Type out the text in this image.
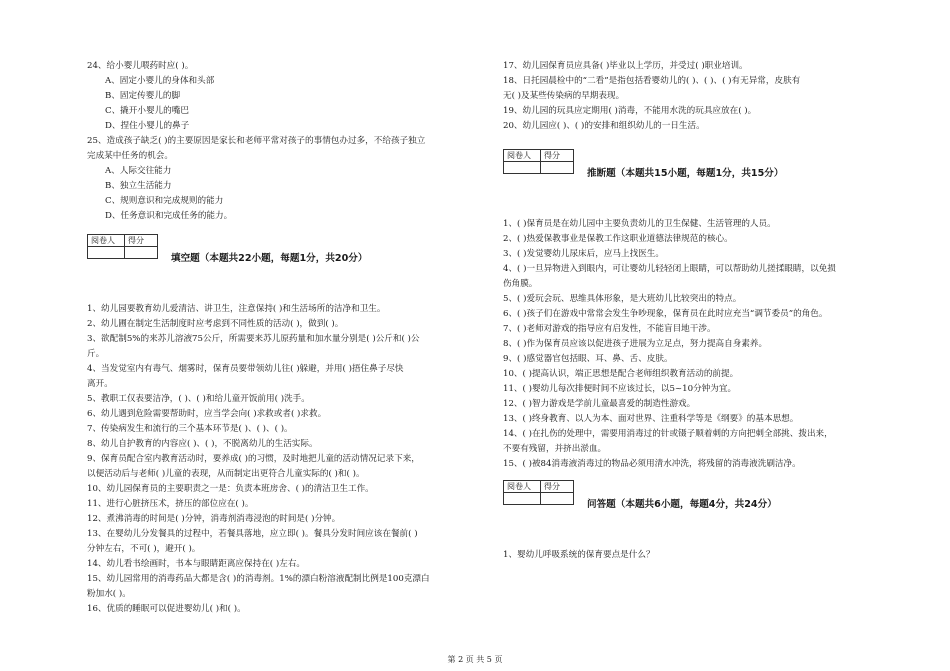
24、给小婴儿喂药时应( )。
A、固定小婴儿的身体和头部
B、固定传婴儿的脚
C、撬开小婴儿的嘴巴
D、捏住小婴儿的鼻子
25、造成孩子缺乏( )的主要原因是家长和老师平常对孩子的事情包办过多，不给孩子独立
完成某中任务的机会。
A、人际交往能力
B、独立生活能力
C、规则意识和完成规则的能力
D、任务意识和完成任务的能力。
阅卷人	得分

填空题（本题共22小题，每题1分，共20分）
1、幼儿园要教育幼儿爱清洁、讲卫生，注意保持( )和生活场所的洁净和卫生。
2、幼儿圃在制定生活制度时应考虑到不同性质的活动( )，做到( )。
3、欲配制5%的来苏儿溶液75公斤，所需要来苏儿原药量和加水量分别是( )公斤和( )公
斤。
4、当发觉室内有毒气、烟雾时，保育员要带领幼儿往( )躲避，并用( )捂住鼻子尽快
离开。
5、教职工仅表要洁净，( )、( )和给儿童开饭前用( )洗手。
6、幼儿遇到危险需要帮助时，应当学会向( )求救或者( )求救。
7、传染病发生和流行的三个基本环节是( )、( )、( )。
8、幼儿自护教育的内容应( )、( )，不脱离幼儿的生活实际。
9、保育员配合室内教育活动时，要养成( )的习惯，及时地把儿童的活动情况记录下来，
以便活动后与老师( )儿童的表现，从而制定出更符合儿童实际的( )和( )。
10、幼儿园保育员的主要职责之一是：负责本班房舍、( )的清洁卫生工作。
11、进行心脏挤压术，挤压的部位应在( )。
12、煮沸消毒的时间是( )分钟，消毒剂消毒浸泡的时间是( )分钟。
13、在婴幼儿分发餐具的过程中，若餐具落地，应立即( )。餐具分发时间应该在餐前( )
分钟左右，不可( )，避开( )。
14、幼儿看书绘画时，书本与眼睛距离应保持在( )左右。
15、幼儿园常用的消毒药品大都是含( )的消毒剂。1%的漂白粉溶液配制比例是100克漂白
粉加水( )。
16、优质的睡眠可以促进婴幼儿( )和( )。
17、幼儿园保育员应具备( )毕业以上学历，并受过( )职业培训。
18、日托园晨检中的“二看”是指包括看婴幼儿的( )、( )、( )有无异常，皮肤有
无( )及某些传染病的早期表现。
19、幼儿园的玩具应定期用( )消毒，不能用水洗的玩具应放在( )。
20、幼儿园应( )、( )的安排和组织幼儿的一日生活。
阅卷人	得分

推断题（本题共15小题，每题1分，共15分）
1、( )保育员是在幼儿园中主要负责幼儿的卫生保健、生活管理的人员。
2、( )热爱保教事业是保教工作这职业道德法律规范的核心。
3、( )发觉婴幼儿尿床后，应马上找医生。
4、( )一旦异物进入到眼内，可让婴幼儿轻轻闭上眼睛，可以帮助幼儿搓揉眼睛，以免损
伤角膜。
5、( )爱玩会玩、思维具体形象，是大班幼儿比较突出的特点。
6、( )孩子们在游戏中常常会发生争吵现象，保育员在此时应充当“调节委员”的角色。
7、( )老师对游戏的指导应有启发性，不能盲目地干涉。
8、( )作为保育员应该以促进孩子进展为立足点，努力提高自身素养。
9、( )感觉器官包括眼、耳、鼻、舌、皮肤。
10、( )提高认识，端正思想是配合老师组织教育活动的前提。
11、( )婴幼儿每次排便时间不应该过长，以5~10分钟为宜。
12、( )智力游戏是学前儿童最喜爱的制造性游戏。
13、( )终身教育、以人为本、面对世界、注重科学等是《纲要》的基本思想。
14、( )在扎伤的处理中，需要用消毒过的针或镊子顺着刺的方向把刺全部挑、拨出来，
不要有残留，并挤出淤血。
15、( )被84消毒液消毒过的物品必须用清水冲洗，将残留的消毒液洗刷洁净。
阅卷人	得分

问答题（本题共6小题，每题4分，共24分）
1、婴幼儿呼吸系统的保育要点是什么？
第 2 页 共 5 页
